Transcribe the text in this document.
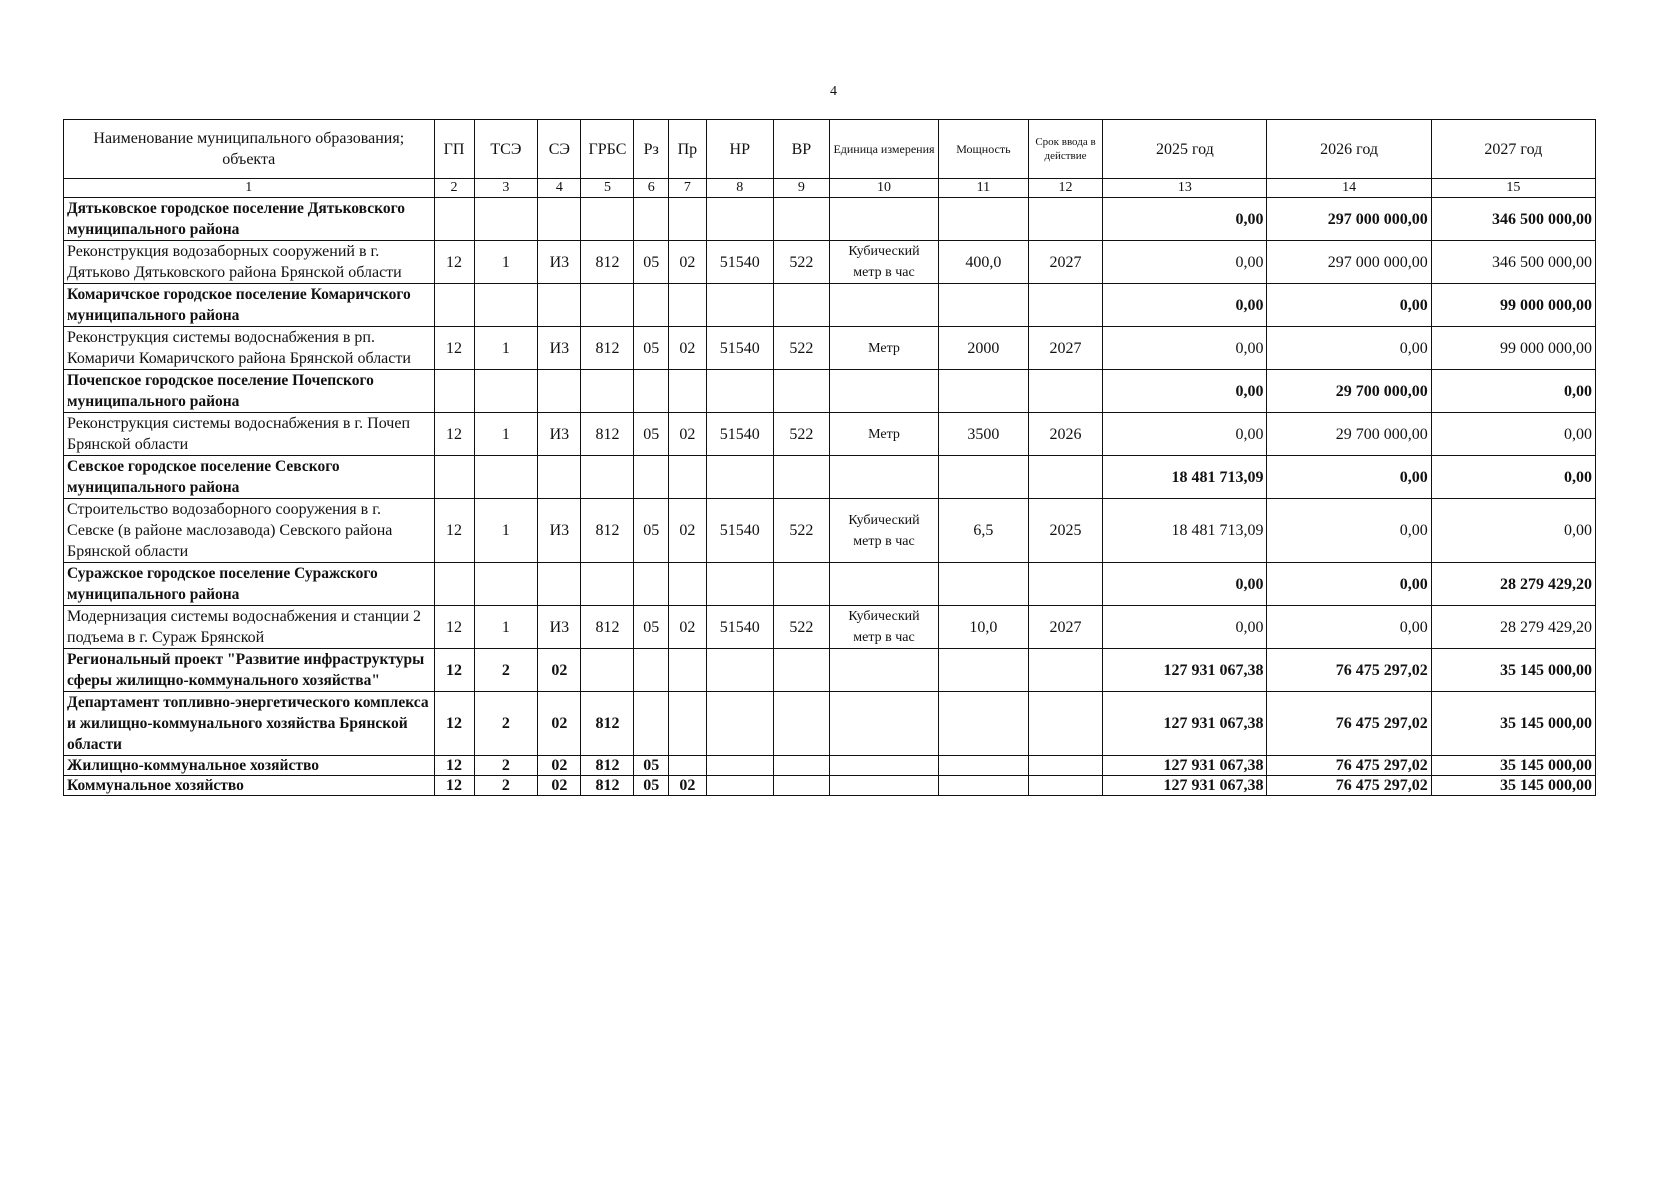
4
Наименование муниципального образования; объекта	ГП	ТСЭ	СЭ	ГРБС	Рз	Пр	НР	ВР	Единица измерения	Мощность	Срок ввода в действие	2025 год	2026 год	2027 год
1	2	3	4	5	6	7	8	9	10	11	12	13	14	15
Дятьковское городское поселение Дятьковского муниципального района												0,00	297 000 000,00	346 500 000,00
Реконструкция водозаборных сооружений в г. Дятьково Дятьковского района Брянской области	12	1	И3	812	05	02	51540	522	Кубический метр в час	400,0	2027	0,00	297 000 000,00	346 500 000,00
Комаричское городское поселение Комаричского муниципального района												0,00	0,00	99 000 000,00
Реконструкция системы водоснабжения в рп. Комаричи Комаричского района Брянской области	12	1	И3	812	05	02	51540	522	Метр	2000	2027	0,00	0,00	99 000 000,00
Почепское городское поселение Почепского муниципального района												0,00	29 700 000,00	0,00
Реконструкция системы водоснабжения в г. Почеп Брянской области	12	1	И3	812	05	02	51540	522	Метр	3500	2026	0,00	29 700 000,00	0,00
Севское городское поселение Севского муниципального района												18 481 713,09	0,00	0,00
Строительство водозаборного сооружения в г. Севске (в районе маслозавода) Севского района Брянской области	12	1	И3	812	05	02	51540	522	Кубический метр в час	6,5	2025	18 481 713,09	0,00	0,00
Суражское городское поселение Суражского муниципального района												0,00	0,00	28 279 429,20
Модернизация системы водоснабжения и станции 2 подъема в г. Сураж Брянской	12	1	И3	812	05	02	51540	522	Кубический метр в час	10,0	2027	0,00	0,00	28 279 429,20
Региональный проект "Развитие инфраструктуры сферы жилищно-коммунального хозяйства"	12	2	02									127 931 067,38	76 475 297,02	35 145 000,00
Департамент топливно-энергетического комплекса и жилищно-коммунального хозяйства Брянской области	12	2	02	812								127 931 067,38	76 475 297,02	35 145 000,00
Жилищно-коммунальное хозяйство	12	2	02	812	05							127 931 067,38	76 475 297,02	35 145 000,00
Коммунальное хозяйство	12	2	02	812	05	02						127 931 067,38	76 475 297,02	35 145 000,00
